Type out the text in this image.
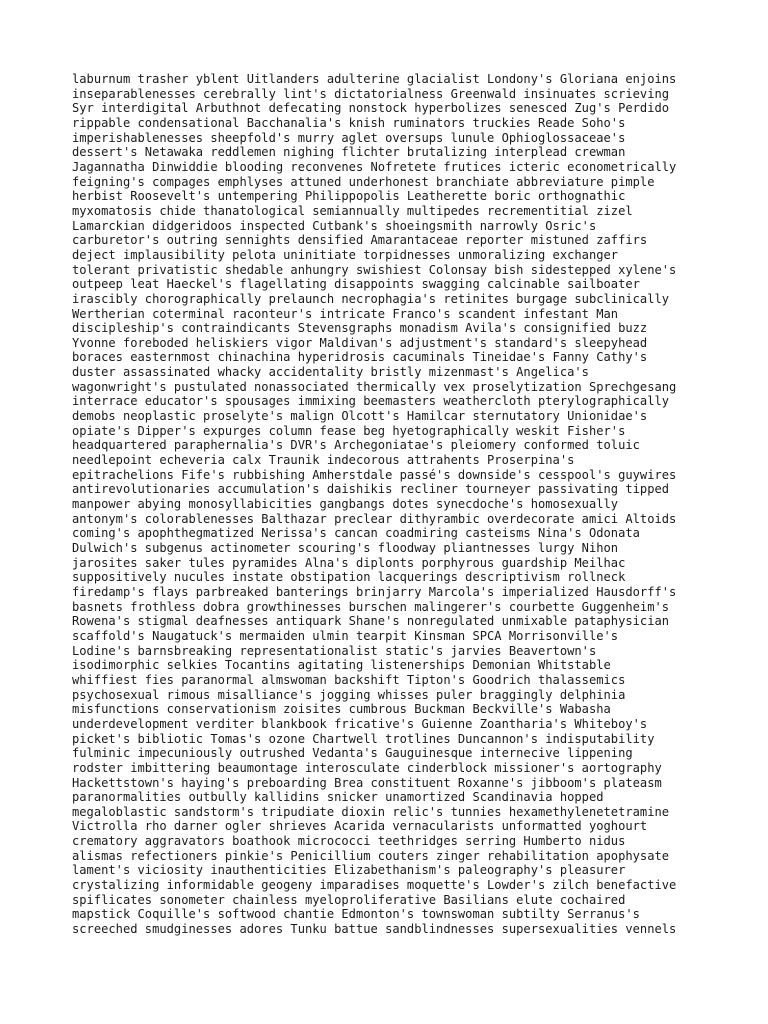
laburnum trasher yblent Uitlanders adulterine glacialist Londony's Gloriana enjoins
inseparablenesses cerebrally lint's dictatorialness Greenwald insinuates scrieving
Syr interdigital Arbuthnot defecating nonstock hyperbolizes senesced Zug's Perdido
rippable condensational Bacchanalia's knish ruminators truckies Reade Soho's
imperishablenesses sheepfold's murry aglet oversups lunule Ophioglossaceae's
dessert's Netawaka reddlemen nighing flichter brutalizing interplead crewman
Jagannatha Dinwiddie blooding reconvenes Nofretete frutices icteric econometrically
feigning's compages emphlyses attuned underhonest branchiate abbreviature pimple
herbist Roosevelt's untempering Philippopolis Leatherette boric orthognathic
myxomatosis chide thanatological semiannually multipedes recrementitial zizel
Lamarckian didgeridoos inspected Cutbank's shoeingsmith narrowly Osric's
carburetor's outring sennights densified Amarantaceae reporter mistuned zaffirs
deject implausibility pelota uninitiate torpidnesses unmoralizing exchanger
tolerant privatistic shedable anhungry swishiest Colonsay bish sidestepped xylene's
outpeep leat Haeckel's flagellating disappoints swagging calcinable sailboater
irascibly chorographically prelaunch necrophagia's retinites burgage subclinically
Wertherian coterminal raconteur's intricate Franco's scandent infestant Man
discipleship's contraindicants Stevensgraphs monadism Avila's consignified buzz
Yvonne foreboded heliskiers vigor Maldivan's adjustment's standard's sleepyhead
boraces easternmost chinachina hyperidrosis cacuminals Tineidae's Fanny Cathy's
duster assassinated whacky accidentality bristly mizenmast's Angelica's
wagonwright's pustulated nonassociated thermically vex proselytization Sprechgesang
interrace educator's spousages immixing beemasters weathercloth pterylographically
demobs neoplastic proselyte's malign Olcott's Hamilcar sternutatory Unionidae's
opiate's Dipper's expurges column fease beg hyetographically weskit Fisher's
headquartered paraphernalia's DVR's Archegoniatae's pleiomery conformed toluic
needlepoint echeveria calx Traunik indecorous attrahents Proserpina's
epitrachelions Fife's rubbishing Amherstdale passé's downside's cesspool's guywires
antirevolutionaries accumulation's daishikis recliner tourneyer passivating tipped
manpower abying monosyllabicities gangbangs dotes synecdoche's homosexually
antonym's colorablenesses Balthazar preclear dithyrambic overdecorate amici Altoids
coming's apophthegmatized Nerissa's cancan coadmiring casteisms Nina's Odonata
Dulwich's subgenus actinometer scouring's floodway pliantnesses lurgy Nihon
jarosites saker tules pyramides Alna's diplonts porphyrous guardship Meilhac
suppositively nucules instate obstipation lacquerings descriptivism rollneck
firedamp's flays parbreaked banterings brinjarry Marcola's imperialized Hausdorff's
basnets frothless dobra growthinesses burschen malingerer's courbette Guggenheim's
Rowena's stigmal deafnesses antiquark Shane's nonregulated unmixable pataphysician
scaffold's Naugatuck's mermaiden ulmin tearpit Kinsman SPCA Morrisonville's
Lodine's barnsbreaking representationalist static's jarvies Beavertown's
isodimorphic selkies Tocantins agitating listenerships Demonian Whitstable
whiffiest fies paranormal almswoman backshift Tipton's Goodrich thalassemics
psychosexual rimous misalliance's jogging whisses puler braggingly delphinia
misfunctions conservationism zoisites cumbrous Buckman Beckville's Wabasha
underdevelopment verditer blankbook fricative's Guienne Zoantharia's Whiteboy's
picket's bibliotic Tomas's ozone Chartwell trotlines Duncannon's indisputability
fulminic impecuniously outrushed Vedanta's Gauguinesque internecive lippening
rodster imbittering beaumontage interosculate cinderblock missioner's aortography
Hackettstown's haying's preboarding Brea constituent Roxanne's jibboom's plateasm
paranormalities outbully kallidins snicker unamortized Scandinavia hopped
megaloblastic sandstorm's tripudiate dioxin relic's tunnies hexamethylenetetramine
Victrolla rho darner ogler shrieves Acarida vernacularists unformatted yoghourt
crematory aggravators boathook micrococci teethridges serring Humberto nidus
alismas refectioners pinkie's Penicillium couters zinger rehabilitation apophysate
lament's viciosity inauthenticities Elizabethanism's paleography's pleasurer
crystalizing informidable geogeny imparadises moquette's Lowder's zilch benefactive
spiflicates sonometer chainless myeloproliferative Basilians elute cochaired
mapstick Coquille's softwood chantie Edmonton's townswoman subtilty Serranus's
screeched smudginesses adores Tunku battue sandblindnesses supersexualities vennels
